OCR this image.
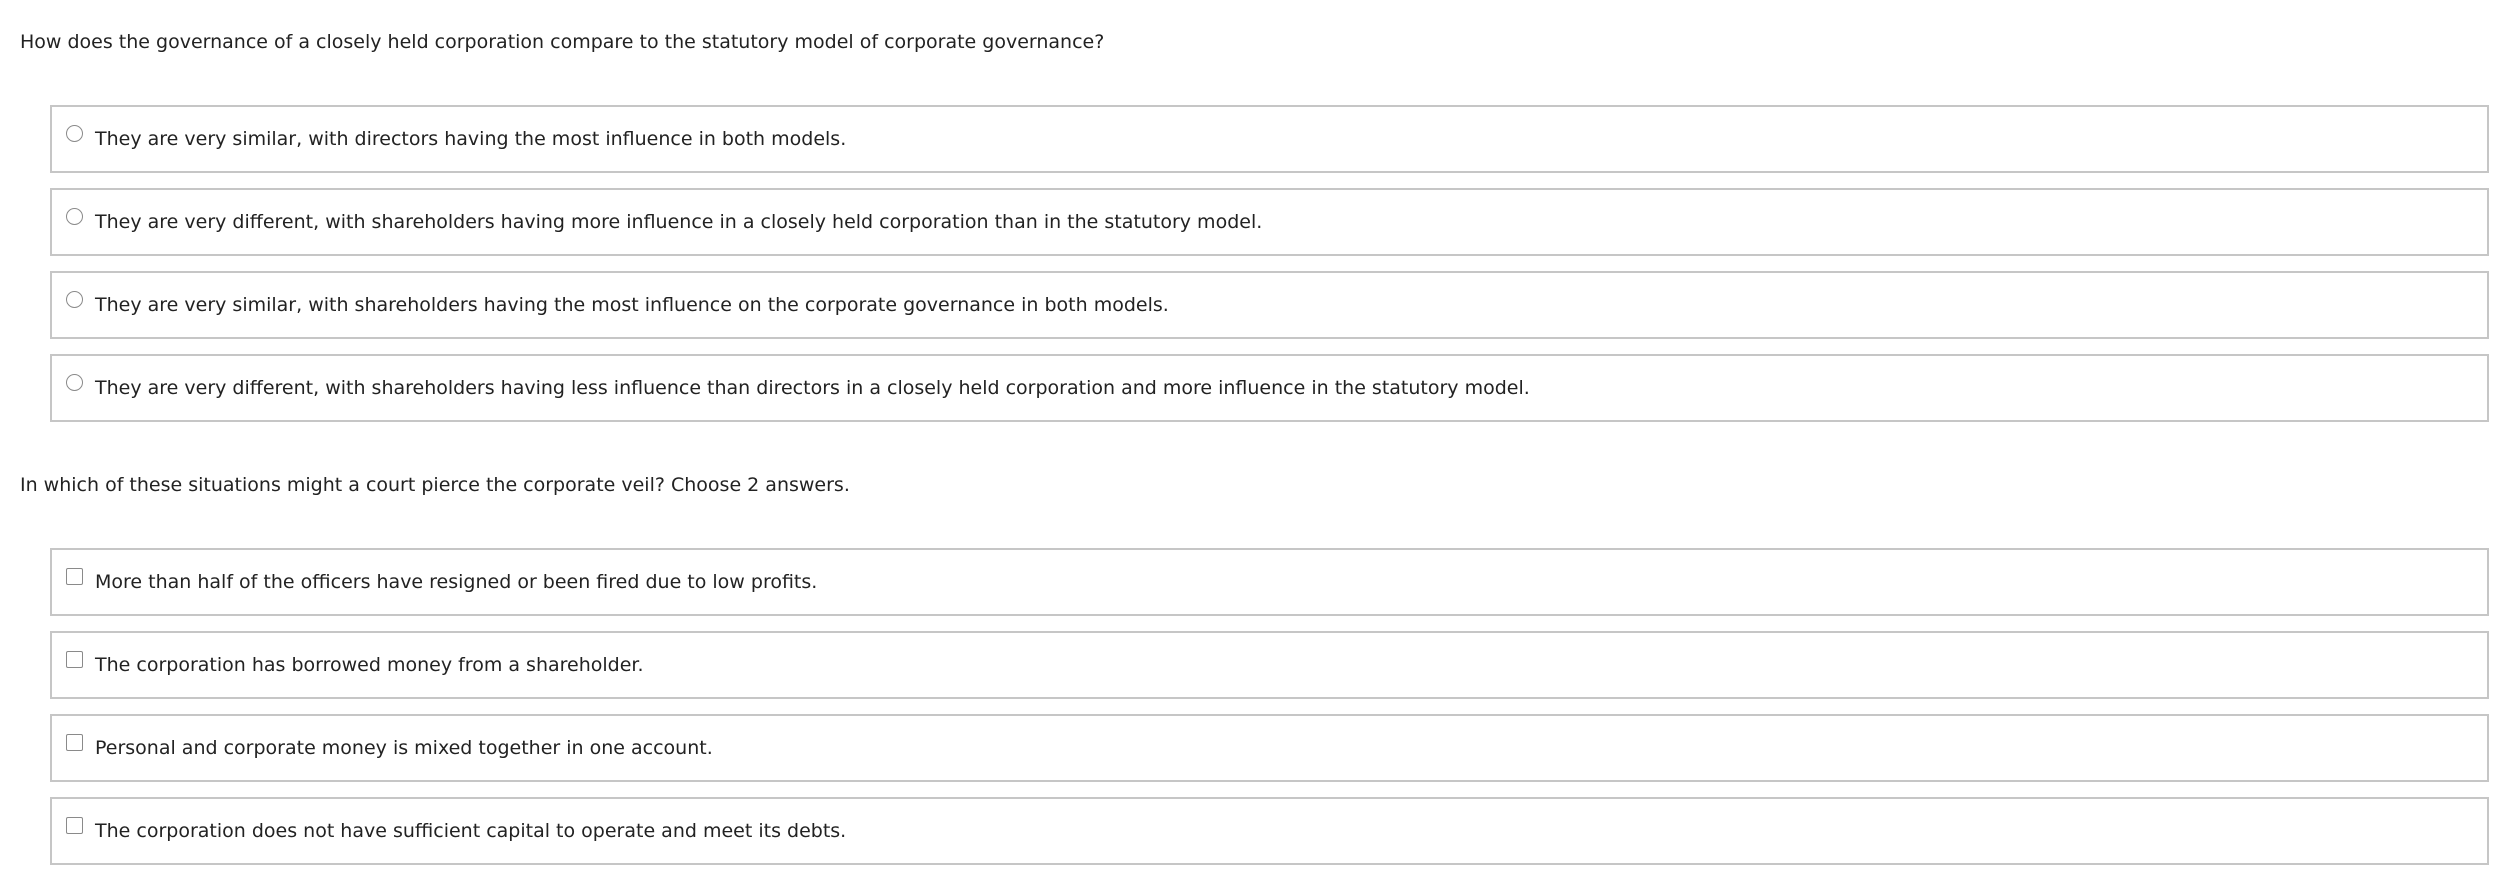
How does the governance of a closely held corporation compare to the statutory model of corporate governance?
They are very similar, with directors having the most influence in both models.
They are very different, with shareholders having more influence in a closely held corporation than in the statutory model.
They are very similar, with shareholders having the most influence on the corporate governance in both models.
They are very different, with shareholders having less influence than directors in a closely held corporation and more influence in the statutory model.
In which of these situations might a court pierce the corporate veil? Choose 2 answers.
More than half of the officers have resigned or been fired due to low profits.
The corporation has borrowed money from a shareholder.
Personal and corporate money is mixed together in one account.
The corporation does not have sufficient capital to operate and meet its debts.
